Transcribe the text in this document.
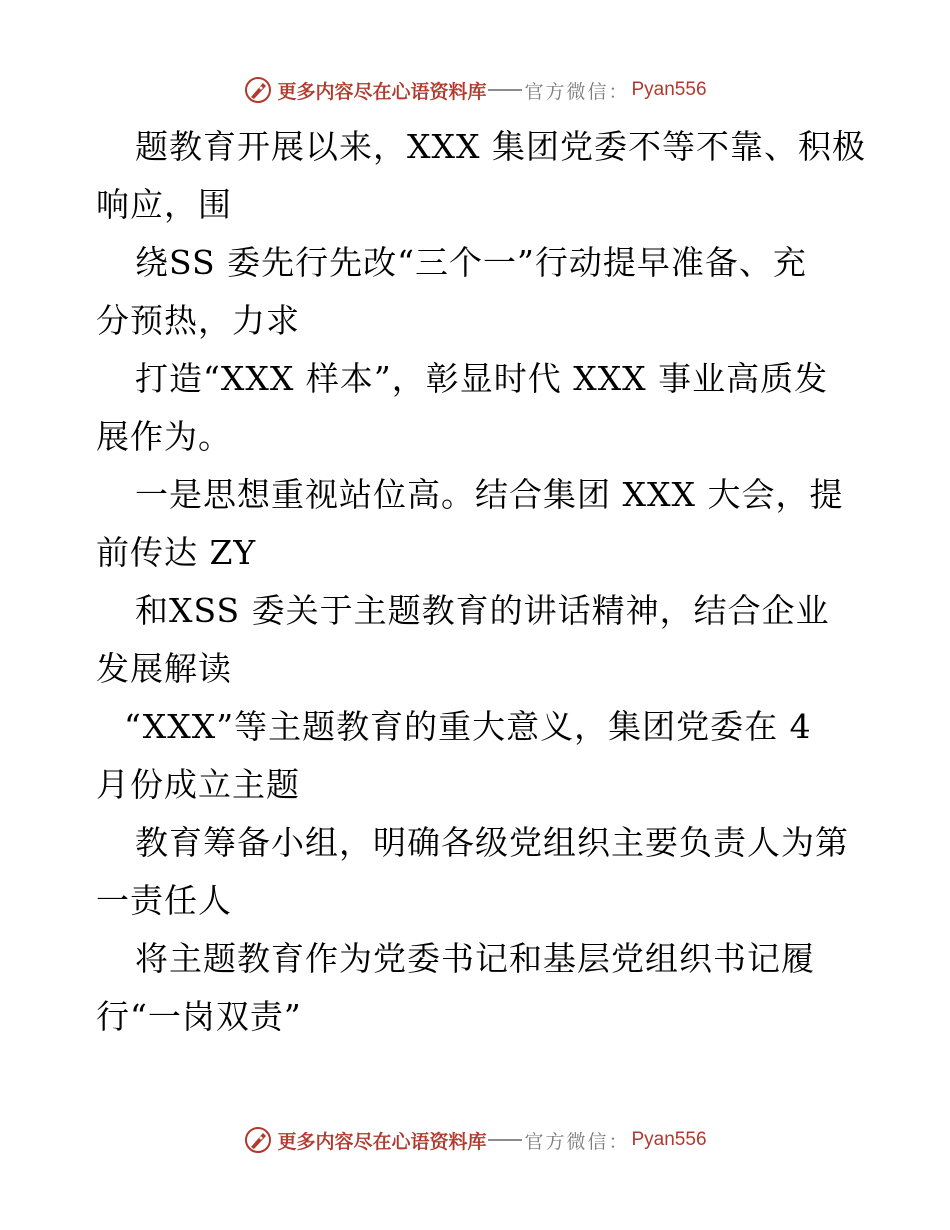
更多内容尽在心语资料库 官方微信： Pyan556
题教育开展以来，XXX 集团党委不等不靠、积极
响应，围
绕SS 委先行先改“三个一”行动提早准备、充
分预热，力求
打造“XXX 样本”，彰显时代 XXX 事业高质发
展作为。
一是思想重视站位高。结合集团 XXX 大会，提
前传达 ZY
和XSS 委关于主题教育的讲话精神，结合企业
发展解读
“XXX”等主题教育的重大意义，集团党委在 4
月份成立主题
教育筹备小组，明确各级党组织主要负责人为第
一责任人
将主题教育作为党委书记和基层党组织书记履
行“一岗双责”
更多内容尽在心语资料库 官方微信： Pyan556
